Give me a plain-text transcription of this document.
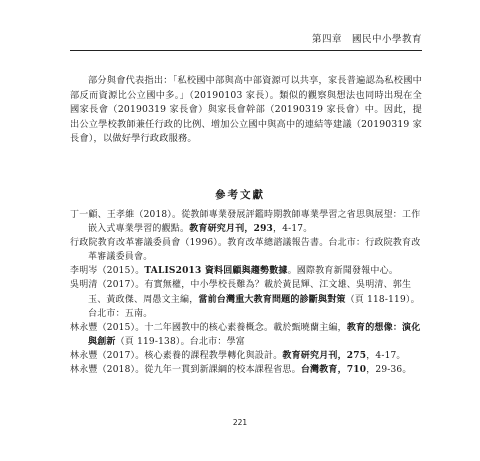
第四章　國民中小學教育

部分與會代表指出：「私校國中部與高中部資源可以共享，家長普遍認為私校國中部反而資源比公立國中多。」（20190103 家長）。類似的觀察與想法也同時出現在全國家長會（20190319 家長會）與家長會幹部（20190319 家長會）中。因此，提出公立學校教師兼任行政的比例、增加公立國中與高中的連結等建議（20190319 家長會），以做好學行政政服務。

參考文獻

丁一顧、王孝維（2018）。從教師專業發展評鑑時期教師專業學習之省思與展望：工作嵌入式專業學習的觀點。教育研究月刊，293，4-17。

行政院教育改革審議委員會（1996）。教育改革總諮議報告書。台北市：行政院教育改革審議委員會。

李明岑（2015）。TALIS2013 資料回顧與趨勢數據。國際教育新聞發報中心。

吳明清（2017）。有實無權，中小學校長難為？載於黃昆輝、江文雄、吳明清、郭生玉、黃政傑、周愚文主編，當前台灣重大教育問題的診斷與對策（頁 118-119）。台北市：五南。

林永豐（2015）。十二年國教中的核心素養概念。載於甄曉蘭主編，教育的想像：演化與創新（頁 119-138）。台北市：學富

林永豐（2017）。核心素養的課程教學轉化與設計。教育研究月刊，275，4-17。

林永豐（2018）。從九年一貫到新課綱的校本課程省思。台灣教育，710，29-36。

221
